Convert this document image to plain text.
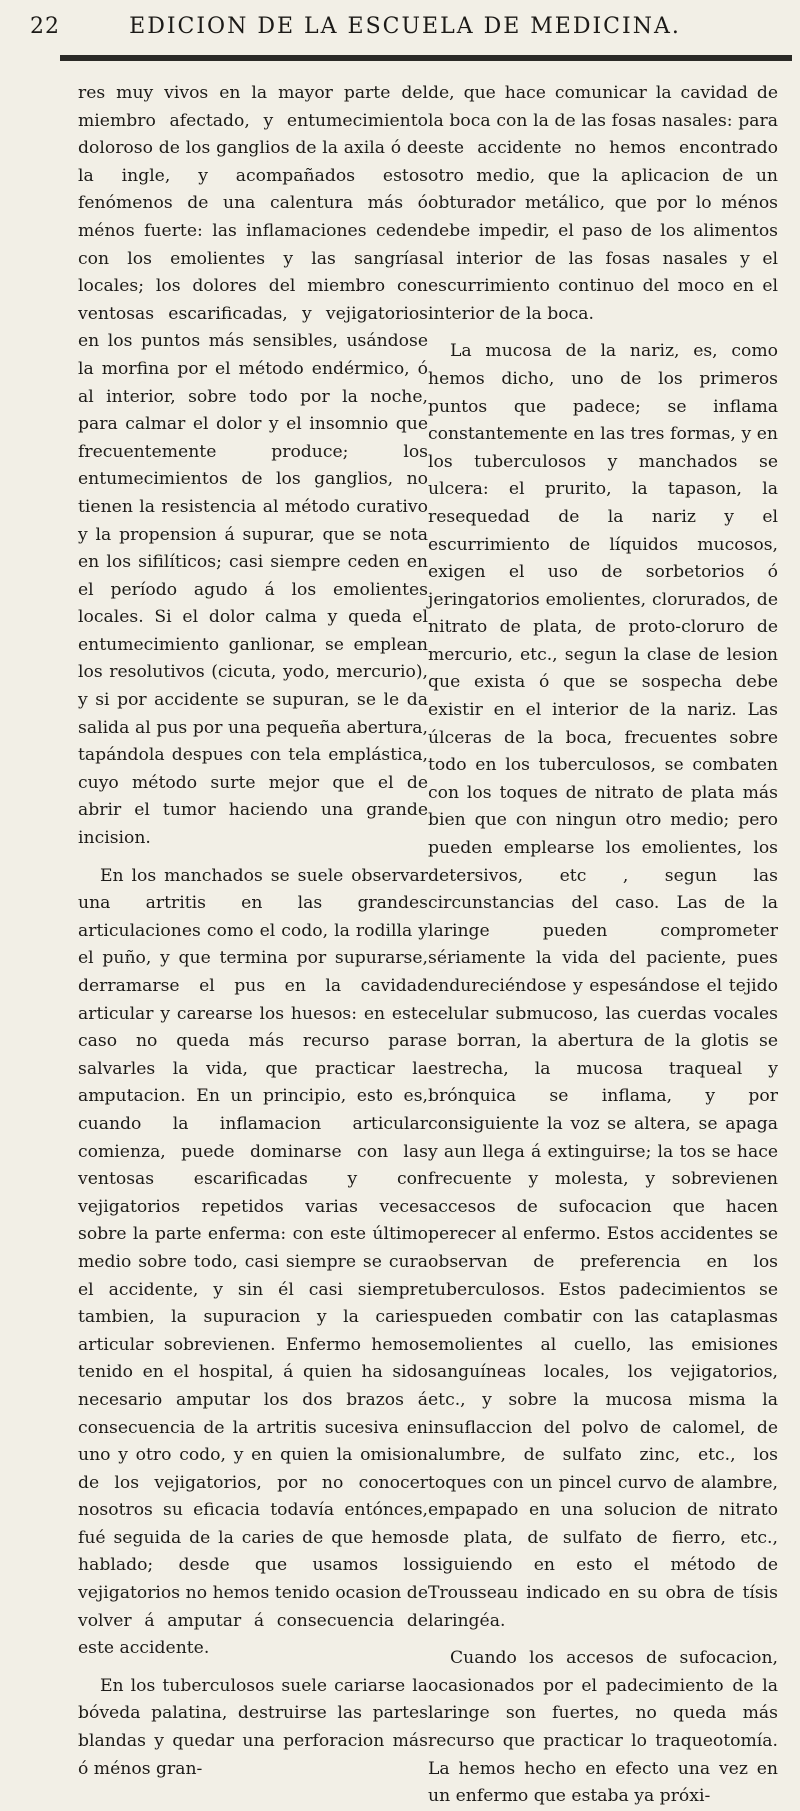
22	EDICION DE LA ESCUELA DE MEDICINA.

res muy vivos en la mayor parte del miembro afectado, y entumecimiento doloroso de los ganglios de la axila ó de la ingle, y acompañados estos fenómenos de una calentura más ó ménos fuerte: las inflamaciones ceden con los emolientes y las sangrías locales; los dolores del miembro con ventosas escarificadas, y vejigatorios en los puntos más sensibles, usándose la morfina por el método endérmico, ó al interior, sobre todo por la noche, para calmar el dolor y el insomnio que frecuentemente produce; los entumecimientos de los ganglios, no tienen la resistencia al método curativo y la propension á supurar, que se nota en los sifilíticos; casi siempre ceden en el período agudo á los emolientes locales. Si el dolor calma y queda el entumecimiento ganlionar, se emplean los resolutivos (cicuta, yodo, mercurio), y si por accidente se supuran, se le da salida al pus por una pequeña abertura, tapándola despues con tela emplástica, cuyo método surte mejor que el de abrir el tumor haciendo una grande incision.

En los manchados se suele observar una artritis en las grandes articulaciones como el codo, la rodilla y el puño, y que termina por supurarse, derramarse el pus en la cavidad articular y carearse los huesos: en este caso no queda más recurso para salvarles la vida, que practicar la amputacion. En un principio, esto es, cuando la inflamacion articular comienza, puede dominarse con las ventosas escarificadas y con vejigatorios repetidos varias veces sobre la parte enferma: con este último medio sobre todo, casi siempre se cura el accidente, y sin él casi siempre tambien, la supuracion y la caries articular sobrevienen. Enfermo hemos tenido en el hospital, á quien ha sido necesario amputar los dos brazos á consecuencia de la artritis sucesiva en uno y otro codo, y en quien la omision de los vejigatorios, por no conocer nosotros su eficacia todavía entónces, fué seguida de la caries de que hemos hablado; desde que usamos los vejigatorios no hemos tenido ocasion de volver á amputar á consecuencia de este accidente.

En los tuberculosos suele cariarse la bóveda palatina, destruirse las partes blandas y quedar una perforacion más ó ménos gran-

de, que hace comunicar la cavidad de la boca con la de las fosas nasales: para este accidente no hemos encontrado otro medio, que la aplicacion de un obturador metálico, que por lo ménos debe impedir, el paso de los alimentos al interior de las fosas nasales y el escurrimiento continuo del moco en el interior de la boca.

La mucosa de la nariz, es, como hemos dicho, uno de los primeros puntos que padece; se inflama constantemente en las tres formas, y en los tuberculosos y manchados se ulcera: el prurito, la tapason, la resequedad de la nariz y el escurrimiento de líquidos mucosos, exigen el uso de sorbetorios ó jeringatorios emolientes, clorurados, de nitrato de plata, de proto-cloruro de mercurio, etc., segun la clase de lesion que exista ó que se sospecha debe existir en el interior de la nariz. Las úlceras de la boca, frecuentes sobre todo en los tuberculosos, se combaten con los toques de nitrato de plata más bien que con ningun otro medio; pero pueden emplearse los emolientes, los detersivos, etc , segun las circunstancias del caso. Las de la laringe pueden comprometer sériamente la vida del paciente, pues endureciéndose y espesándose el tejido celular submucoso, las cuerdas vocales se borran, la abertura de la glotis se estrecha, la mucosa traqueal y brónquica se inflama, y por consiguiente la voz se altera, se apaga y aun llega á extinguirse; la tos se hace frecuente y molesta, y sobrevienen accesos de sufocacion que hacen perecer al enfermo. Estos accidentes se observan de preferencia en los tuberculosos. Estos padecimientos se pueden combatir con las cataplasmas emolientes al cuello, las emisiones sanguíneas locales, los vejigatorios, etc., y sobre la mucosa misma la insuflaccion del polvo de calomel, de alumbre, de sulfato zinc, etc., los toques con un pincel curvo de alambre, empapado en una solucion de nitrato de plata, de sulfato de fierro, etc., siguiendo en esto el método de Trousseau indicado en su obra de tísis laringéa.

Cuando los accesos de sufocacion, ocasionados por el padecimiento de la laringe son fuertes, no queda más recurso que practicar lo traqueotomía. La hemos hecho en efecto una vez en un enfermo que estaba ya próxi-
